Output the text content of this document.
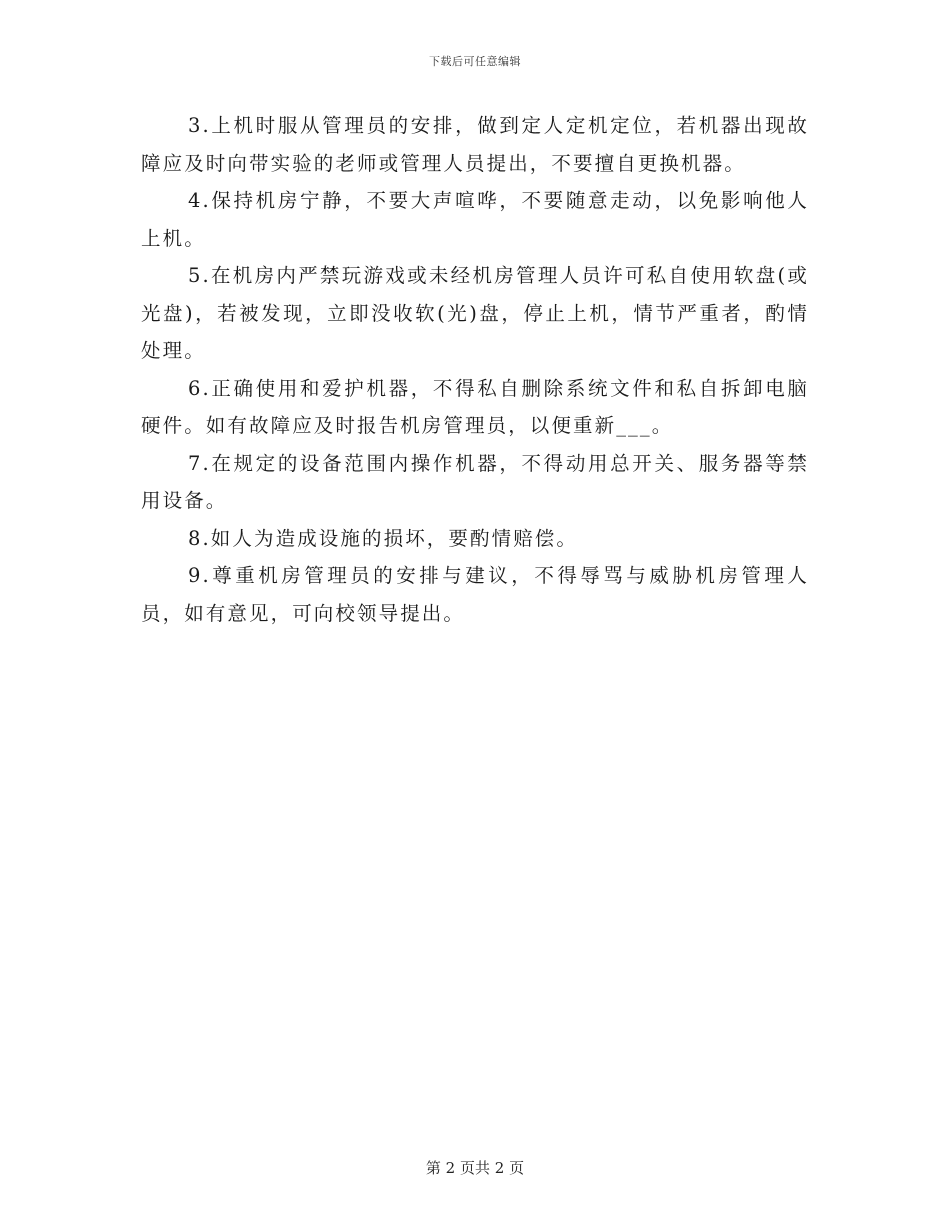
下载后可任意编辑

3.上机时服从管理员的安排，做到定人定机定位，若机器出现故障应及时向带实验的老师或管理人员提出，不要擅自更换机器。

4.保持机房宁静，不要大声喧哗，不要随意走动，以免影响他人上机。

5.在机房内严禁玩游戏或未经机房管理人员许可私自使用软盘(或光盘)，若被发现，立即没收软(光)盘，停止上机，情节严重者，酌情处理。

6.正确使用和爱护机器，不得私自删除系统文件和私自拆卸电脑硬件。如有故障应及时报告机房管理员，以便重新___。

7.在规定的设备范围内操作机器，不得动用总开关、服务器等禁用设备。

8.如人为造成设施的损坏，要酌情赔偿。

9.尊重机房管理员的安排与建议，不得辱骂与威胁机房管理人员，如有意见，可向校领导提出。

第 2 页共 2 页
